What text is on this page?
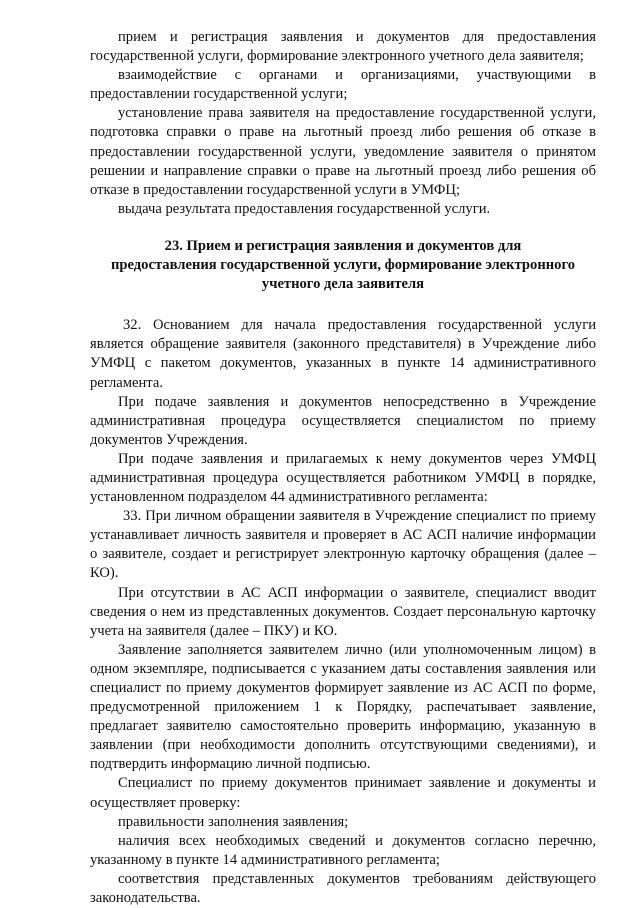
прием и регистрация заявления и документов для предоставления государственной услуги, формирование электронного учетного дела заявителя;

взаимодействие с органами и организациями, участвующими в предоставлении государственной услуги;

установление права заявителя на предоставление государственной услуги, подготовка справки о праве на льготный проезд либо решения об отказе в предоставлении государственной услуги, уведомление заявителя о принятом решении и направление справки о праве на льготный проезд либо решения об отказе в предоставлении государственной услуги в УМФЦ;

выдача результата предоставления государственной услуги.

23. Прием и регистрация заявления и документов для
предоставления государственной услуги, формирование электронного
учетного дела заявителя

32. Основанием для начала предоставления государственной услуги является обращение заявителя (законного представителя) в Учреждение либо УМФЦ с пакетом документов, указанных в пункте 14 административного регламента.

При подаче заявления и документов непосредственно в Учреждение административная процедура осуществляется специалистом по приему документов Учреждения.

При подаче заявления и прилагаемых к нему документов через УМФЦ административная процедура осуществляется работником УМФЦ в порядке, установленном подразделом 44 административного регламента:

33. При личном обращении заявителя в Учреждение специалист по приему устанавливает личность заявителя и проверяет в АС АСП наличие информации о заявителе, создает и регистрирует электронную карточку обращения (далее – КО).

При отсутствии в АС АСП информации о заявителе, специалист вводит сведения о нем из представленных документов. Создает персональную карточку учета на заявителя (далее – ПКУ) и КО.

Заявление заполняется заявителем лично (или уполномоченным лицом) в одном экземпляре, подписывается с указанием даты составления заявления или специалист по приему документов формирует заявление из АС АСП по форме, предусмотренной приложением 1 к Порядку, распечатывает заявление, предлагает заявителю самостоятельно проверить информацию, указанную в заявлении (при необходимости дополнить отсутствующими сведениями), и подтвердить информацию личной подписью.

Специалист по приему документов принимает заявление и документы и осуществляет проверку:

правильности заполнения заявления;

наличия всех необходимых сведений и документов согласно перечню, указанному в пункте 14 административного регламента;

соответствия представленных документов требованиям действующего законодательства.
